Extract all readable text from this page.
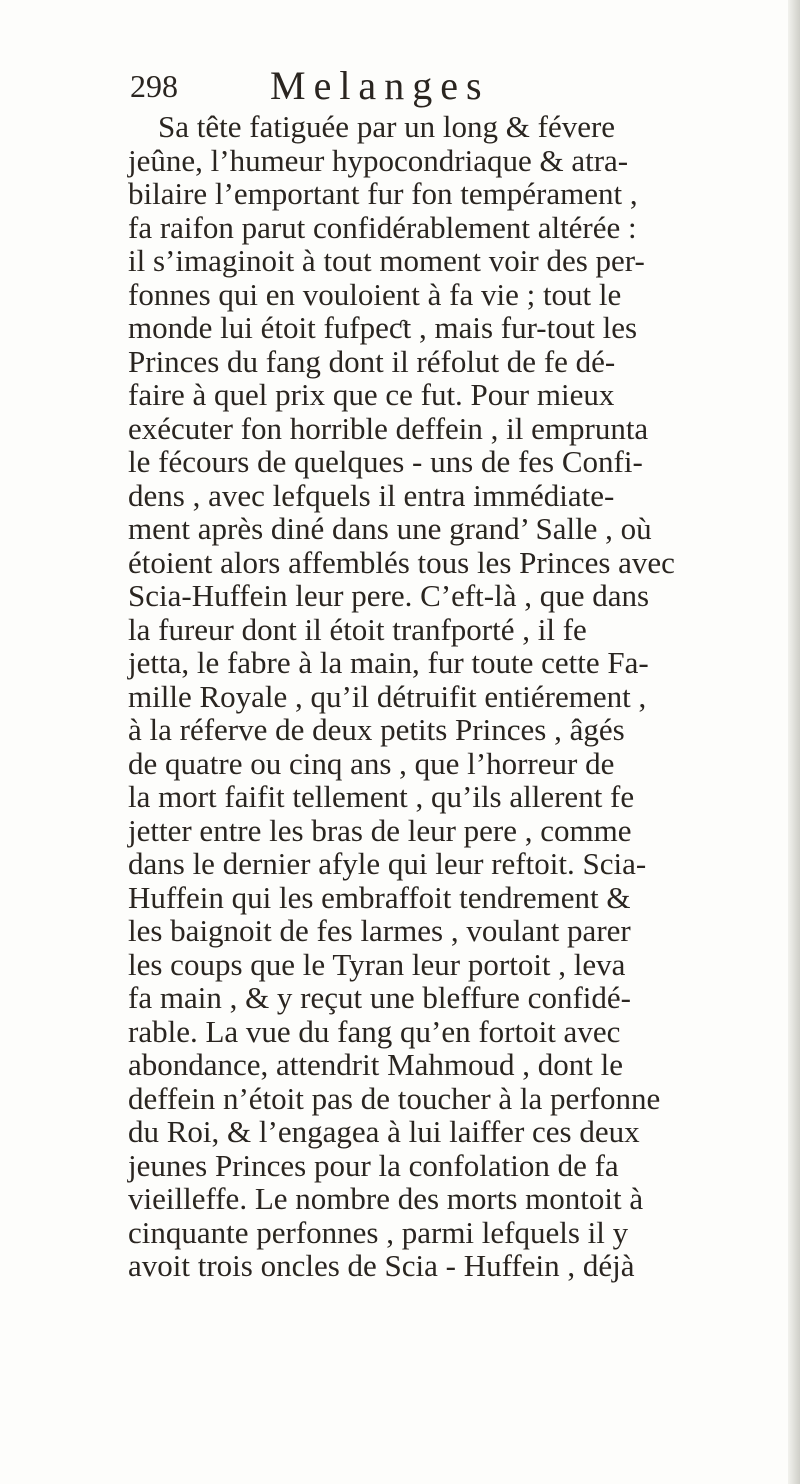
298 Melanges
Sa tête fatiguée par un long & févere
jeûne, l’humeur hypocondriaque & atra-
bilaire l’emportant fur fon tempérament ,
fa raifon parut confidérablement altérée :
il s’imaginoit à tout moment voir des per-
fonnes qui en vouloient à fa vie ; tout le
monde lui étoit fufpeƈt , mais fur-tout les
Princes du fang dont il réfolut de fe dé-
faire à quel prix que ce fut. Pour mieux
exécuter fon horrible deffein , il emprunta
le fécours de quelques - uns de fes Confi-
dens , avec lefquels il entra immédiate-
ment après diné dans une grand’ Salle , où
étoient alors affemblés tous les Princes avec
Scia-Huffein leur pere. C’eft-là , que dans
la fureur dont il étoit tranfporté , il fe
jetta, le fabre à la main, fur toute cette Fa-
mille Royale , qu’il détruifit entiérement ,
à la réferve de deux petits Princes , âgés
de quatre ou cinq ans , que l’horreur de
la mort faifit tellement , qu’ils allerent fe
jetter entre les bras de leur pere , comme
dans le dernier afyle qui leur reftoit. Scia-
Huffein qui les embraffoit tendrement &
les baignoit de fes larmes , voulant parer
les coups que le Tyran leur portoit , leva
fa main , & y reçut une bleffure confidé-
rable. La vue du fang qu’en fortoit avec
abondance, attendrit Mahmoud , dont le
deffein n’étoit pas de toucher à la perfonne
du Roi, & l’engagea à lui laiffer ces deux
jeunes Princes pour la confolation de fa
vieilleffe. Le nombre des morts montoit à
cinquante perfonnes , parmi lefquels il y
avoit trois oncles de Scia - Huffein , déjà
